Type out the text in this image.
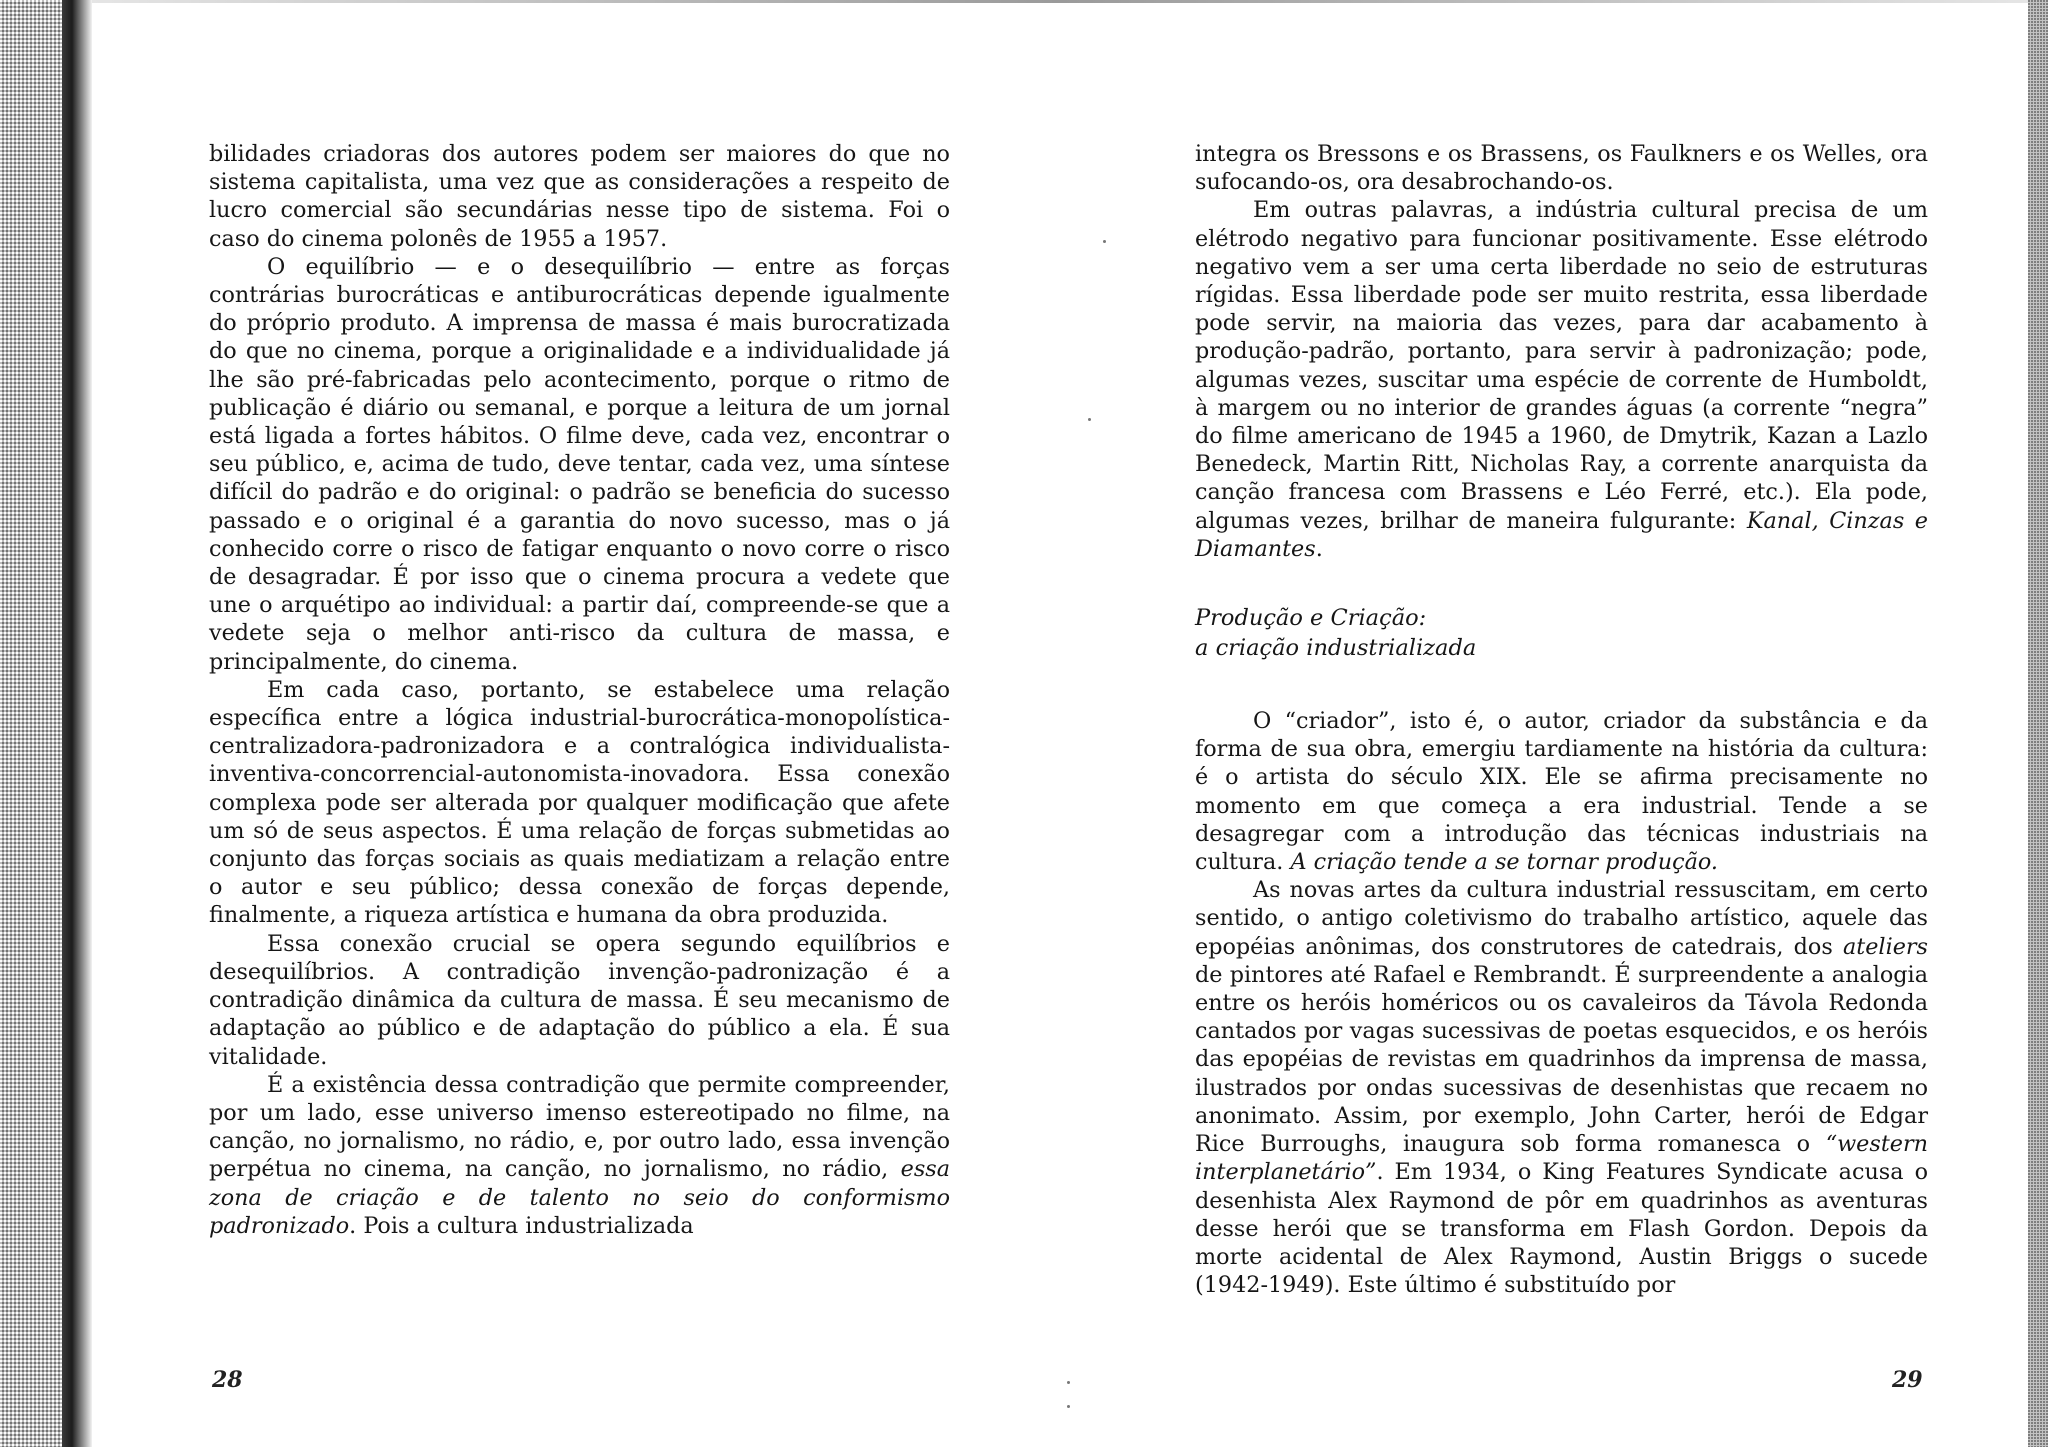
bilidades criadoras dos autores podem ser maiores do que no sistema capitalista, uma vez que as considerações a respeito de lucro comercial são secundárias nesse tipo de sistema. Foi o caso do cinema polonês de 1955 a 1957.

O equilíbrio — e o desequilíbrio — entre as forças contrárias burocráticas e antiburocráticas depende igualmente do próprio produto. A imprensa de massa é mais burocratizada do que no cinema, porque a originalidade e a individualidade já lhe são pré-fabricadas pelo acontecimento, porque o ritmo de publicação é diário ou semanal, e porque a leitura de um jornal está ligada a fortes hábitos. O filme deve, cada vez, encontrar o seu público, e, acima de tudo, deve tentar, cada vez, uma síntese difícil do padrão e do original: o padrão se beneficia do sucesso passado e o original é a garantia do novo sucesso, mas o já conhecido corre o risco de fatigar enquanto o novo corre o risco de desagradar. É por isso que o cinema procura a vedete que une o arquétipo ao individual: a partir daí, compreende-se que a vedete seja o melhor anti-risco da cultura de massa, e principalmente, do cinema.

Em cada caso, portanto, se estabelece uma relação específica entre a lógica industrial-burocrática-monopolística-centralizadora-padronizadora e a contralógica individualista-inventiva-concorrencial-autonomista-inovadora. Essa conexão complexa pode ser alterada por qualquer modificação que afete um só de seus aspectos. É uma relação de forças submetidas ao conjunto das forças sociais as quais mediatizam a relação entre o autor e seu público; dessa conexão de forças depende, finalmente, a riqueza artística e humana da obra produzida.

Essa conexão crucial se opera segundo equilíbrios e desequilíbrios. A contradição invenção-padronização é a contradição dinâmica da cultura de massa. É seu mecanismo de adaptação ao público e de adaptação do público a ela. É sua vitalidade.

É a existência dessa contradição que permite compreender, por um lado, esse universo imenso estereotipado no filme, na canção, no jornalismo, no rádio, e, por outro lado, essa invenção perpétua no cinema, na canção, no jornalismo, no rádio, essa zona de criação e de talento no seio do conformismo padronizado. Pois a cultura industrializada

integra os Bressons e os Brassens, os Faulkners e os Welles, ora sufocando-os, ora desabrochando-os.

Em outras palavras, a indústria cultural precisa de um elétrodo negativo para funcionar positivamente. Esse elétrodo negativo vem a ser uma certa liberdade no seio de estruturas rígidas. Essa liberdade pode ser muito restrita, essa liberdade pode servir, na maioria das vezes, para dar acabamento à produção-padrão, portanto, para servir à padronização; pode, algumas vezes, suscitar uma espécie de corrente de Humboldt, à margem ou no interior de grandes águas (a corrente “negra” do filme americano de 1945 a 1960, de Dmytrik, Kazan a Lazlo Benedeck, Martin Ritt, Nicholas Ray, a corrente anarquista da canção francesa com Brassens e Léo Ferré, etc.). Ela pode, algumas vezes, brilhar de maneira fulgurante: Kanal, Cinzas e Diamantes.

Produção e Criação:
a criação industrializada

O “criador”, isto é, o autor, criador da substância e da forma de sua obra, emergiu tardiamente na história da cultura: é o artista do século XIX. Ele se afirma precisamente no momento em que começa a era industrial. Tende a se desagregar com a introdução das técnicas industriais na cultura. A criação tende a se tornar produção.

As novas artes da cultura industrial ressuscitam, em certo sentido, o antigo coletivismo do trabalho artístico, aquele das epopéias anônimas, dos construtores de catedrais, dos ateliers de pintores até Rafael e Rembrandt. É surpreendente a analogia entre os heróis homéricos ou os cavaleiros da Távola Redonda cantados por vagas sucessivas de poetas esquecidos, e os heróis das epopéias de revistas em quadrinhos da imprensa de massa, ilustrados por ondas sucessivas de desenhistas que recaem no anonimato. Assim, por exemplo, John Carter, herói de Edgar Rice Burroughs, inaugura sob forma romanesca o “western interplanetário”. Em 1934, o King Features Syndicate acusa o desenhista Alex Raymond de pôr em quadrinhos as aventuras desse herói que se transforma em Flash Gordon. Depois da morte acidental de Alex Raymond, Austin Briggs o sucede (1942-1949). Este último é substituído por

28	29
